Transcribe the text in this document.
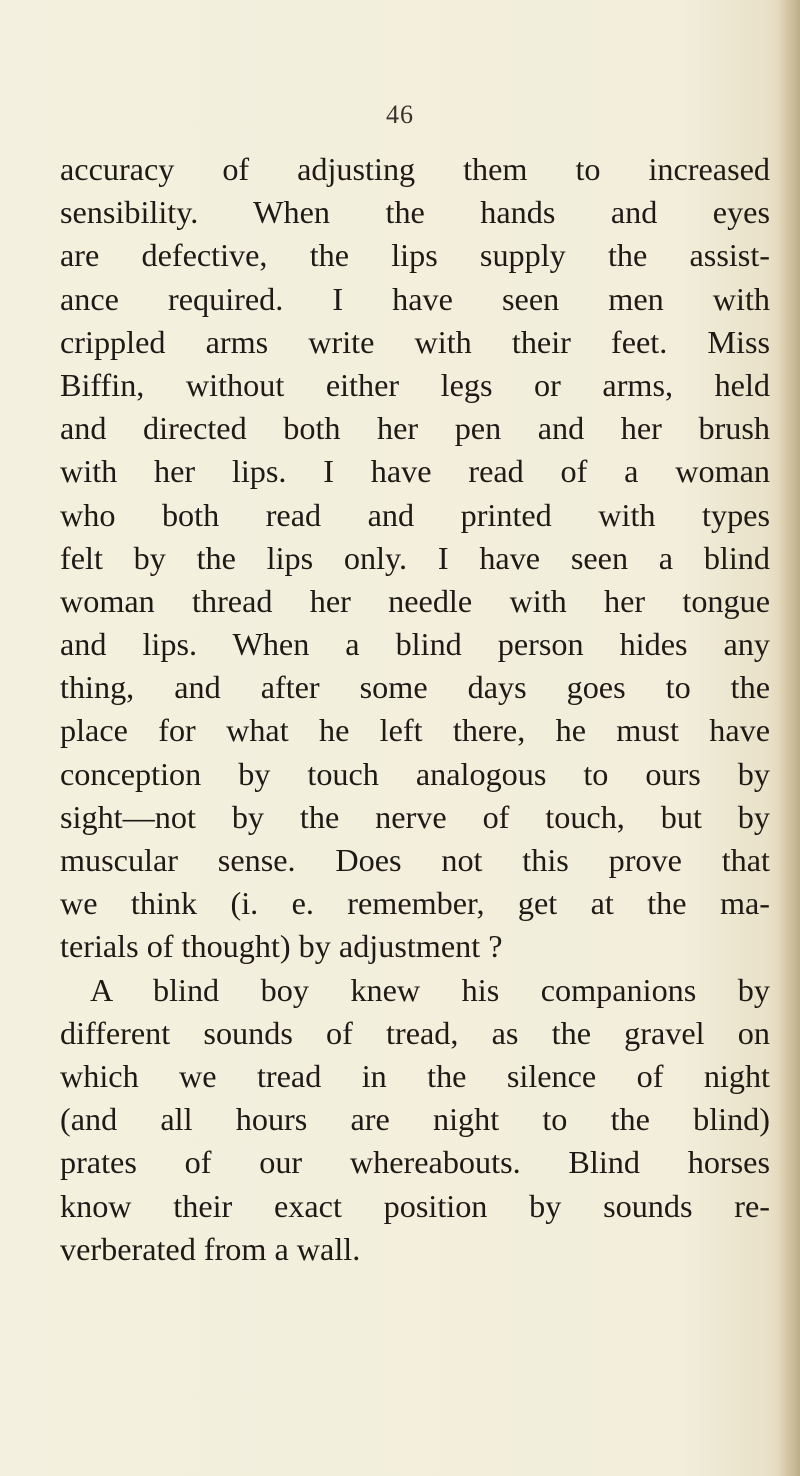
46
accuracy of adjusting them to increased
sensibility. When the hands and eyes
are defective, the lips supply the assist-
ance required. I have seen men with
crippled arms write with their feet. Miss
Biffin, without either legs or arms, held
and directed both her pen and her brush
with her lips. I have read of a woman
who both read and printed with types
felt by the lips only. I have seen a blind
woman thread her needle with her tongue
and lips. When a blind person hides any
thing, and after some days goes to the
place for what he left there, he must have
conception by touch analogous to ours by
sight—not by the nerve of touch, but by
muscular sense. Does not this prove that
we think (i. e. remember, get at the ma-
terials of thought) by adjustment ?
A blind boy knew his companions by
different sounds of tread, as the gravel on
which we tread in the silence of night
(and all hours are night to the blind)
prates of our whereabouts. Blind horses
know their exact position by sounds re-
verberated from a wall.
